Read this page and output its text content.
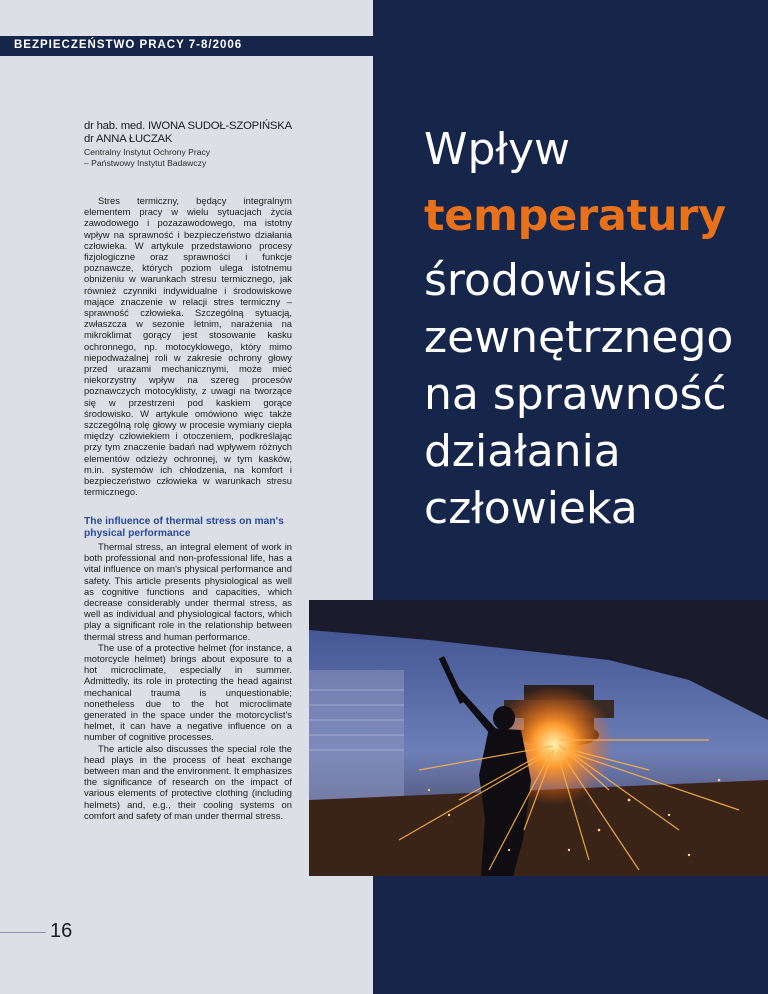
BEZPIECZEŃSTWO PRACY 7-8/2006
dr hab. med. IWONA SUDOŁ-SZOPIŃSKA
dr ANNA ŁUCZAK
Centralny Instytut Ochrony Pracy
– Państwowy Instytut Badawczy
Stres termiczny, będący integralnym elementem pracy w wielu sytuacjach życia zawodowego i pozazawodowego, ma istotny wpływ na sprawność i bezpieczeństwo działania człowieka. W artykule przedstawiono procesy fizjologiczne oraz sprawności i funkcje poznawcze, których poziom ulega istotnemu obniżeniu w warunkach stresu termicznego, jak również czynniki indywidualne i środowiskowe mające znaczenie w relacji stres termiczny – sprawność człowieka. Szczególną sytuacją, zwłaszcza w sezonie letnim, narażenia na mikroklimat gorący jest stosowanie kasku ochronnego, np. motocyklowego, który mimo niepodważalnej roli w zakresie ochrony głowy przed urazami mechanicznymi, może mieć niekorzystny wpływ na szereg procesów poznawczych motocyklisty, z uwagi na tworzące się w przestrzeni pod kaskiem gorące środowisko. W artykule omówiono więc także szczególną rolę głowy w procesie wymiany ciepła między człowiekiem i otoczeniem, podkreślając przy tym znaczenie badań nad wpływem różnych elementów odzieży ochronnej, w tym kasków, m.in. systemów ich chłodzenia, na komfort i bezpieczeństwo człowieka w warunkach stresu termicznego.
The influence of thermal stress on man's physical performance

Thermal stress, an integral element of work in both professional and non-professional life, has a vital influence on man's physical performance and safety. This article presents physiological as well as cognitive functions and capacities, which decrease considerably under thermal stress, as well as individual and physiological factors, which play a significant role in the relationship between thermal stress and human performance.

The use of a protective helmet (for instance, a motorcycle helmet) brings about exposure to a hot microclimate, especially in summer. Admittedly, its role in protecting the head against mechanical trauma is unquestionable; nonetheless due to the hot microclimate generated in the space under the motorcyclist's helmet, it can have a negative influence on a number of cognitive processes.

The article also discusses the special role the head plays in the process of heat exchange between man and the environment. It emphasizes the significance of research on the impact of various elements of protective clothing (including helmets) and, e.g., their cooling systems on comfort and safety of man under thermal stress.

16
Wpływ
temperatury
środowiska
zewnętrznego
na sprawność
działania
człowieka
